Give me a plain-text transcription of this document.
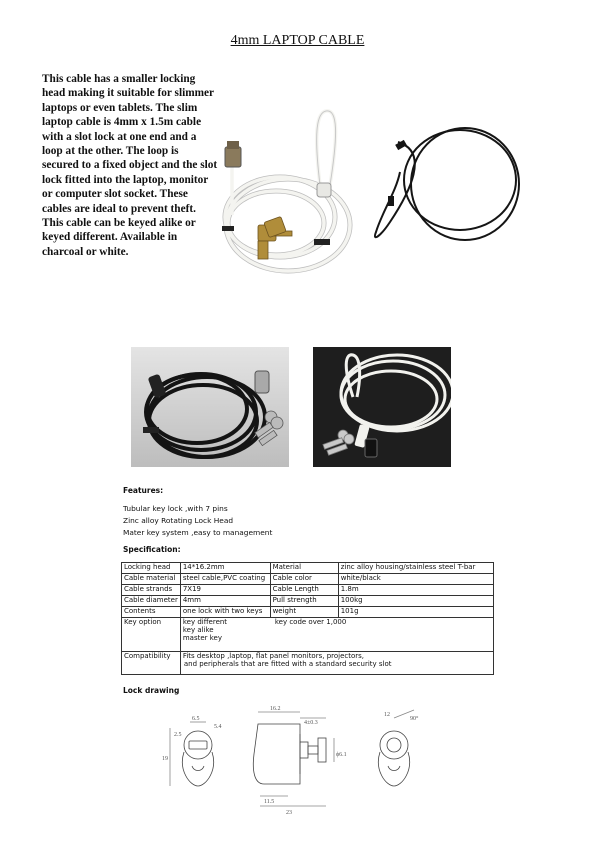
4mm LAPTOP CABLE
This cable has a smaller locking head making it suitable for slimmer laptops or even tablets. The slim laptop cable is 4mm x 1.5m cable with a slot lock at one end and a loop at the other. The loop is secured to a fixed object and the slot lock fitted into the laptop, monitor or computer slot socket. These cables are ideal to prevent theft. This cable can be keyed alike or keyed different. Available in charcoal or white.
Features:
Tubular key lock ,with 7 pins
Zinc alloy Rotating Lock Head
Mater key system ,easy to management
Specification:
Locking head	14*16.2mm	Material	zinc alloy housing/stainless steel T-bar
Cable material	steel cable,PVC coating	Cable color	white/black
Cable strands	7X19	Cable Length	1.8m
Cable diameter	4mm	Pull strength	100kg
Contents	one lock with two keys	weight	101g
Key option	key different
key alike
master key
key code over 1,000		

Compatibility	Fits desktop ,laptop, flat panel monitors, projectors,
and peripherals that are fitted with a standard security slot		
Lock drawing
6.5
5.4
2.5
19
16.2
4±0.3
ϕ6.1
11.5
23
12
90°
